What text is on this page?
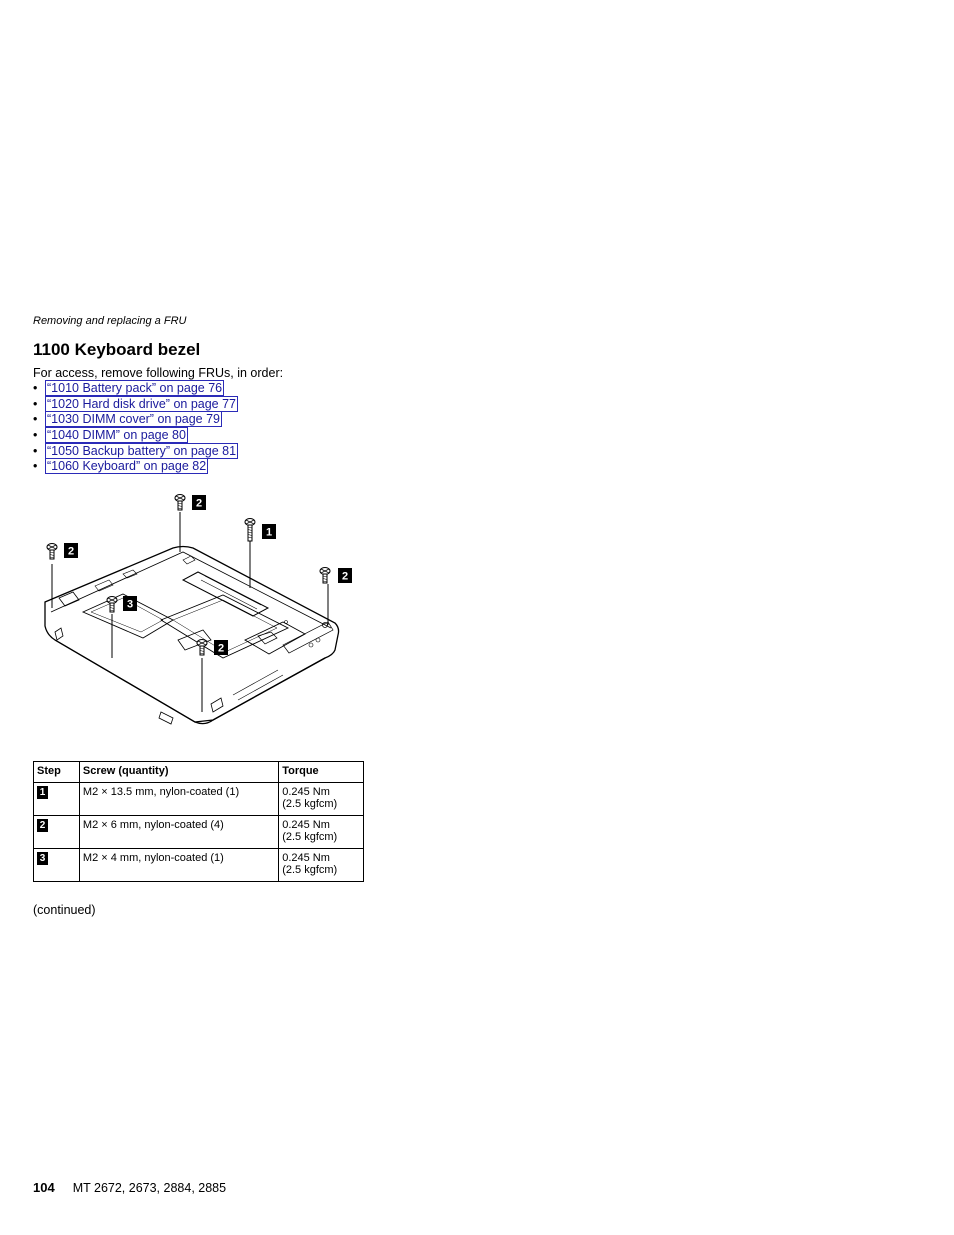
Removing and replacing a FRU
1100 Keyboard bezel
For access, remove following FRUs, in order:
• “1010 Battery pack” on page 76
• “1020 Hard disk drive” on page 77
• “1030 DIMM cover” on page 79
• “1040 DIMM” on page 80
• “1050 Backup battery” on page 81
• “1060 Keyboard” on page 82
2
1
2
2
3
2
Step	Screw (quantity)	Torque
1	M2 × 13.5 mm, nylon-coated (1)	0.245 Nm
(2.5 kgfcm)

2	M2 × 6 mm, nylon-coated (4)	0.245 Nm
(2.5 kgfcm)

3	M2 × 4 mm, nylon-coated (1)	0.245 Nm
(2.5 kgfcm)
(continued)
104 MT 2672, 2673, 2884, 2885
